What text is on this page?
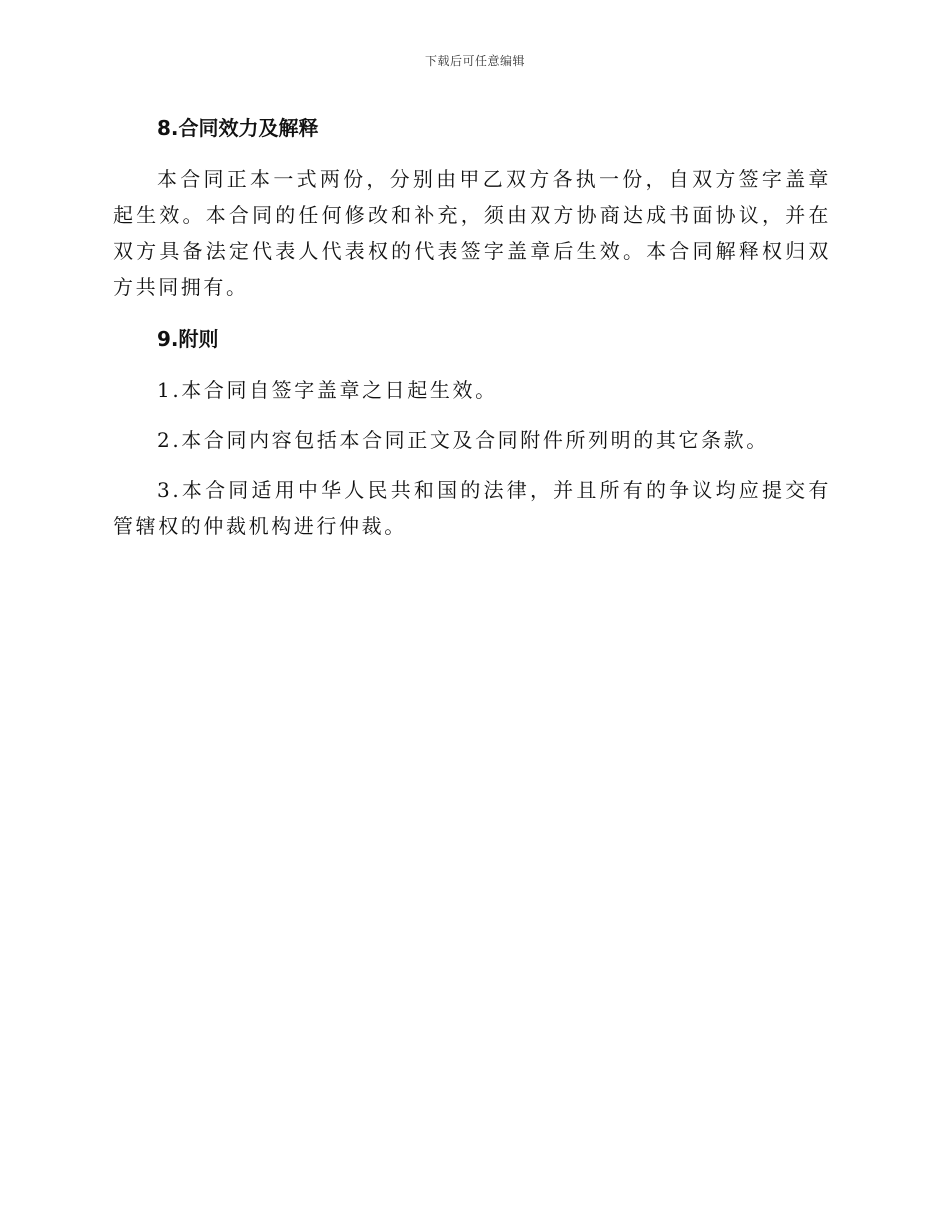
下载后可任意编辑
8.合同效力及解释

本合同正本一式两份，分别由甲乙双方各执一份，自双方签字盖章起生效。本合同的任何修改和补充，须由双方协商达成书面协议，并在双方具备法定代表人代表权的代表签字盖章后生效。本合同解释权归双方共同拥有。

9.附则

1.本合同自签字盖章之日起生效。

2.本合同内容包括本合同正文及合同附件所列明的其它条款。

3.本合同适用中华人民共和国的法律，并且所有的争议均应提交有管辖权的仲裁机构进行仲裁。
